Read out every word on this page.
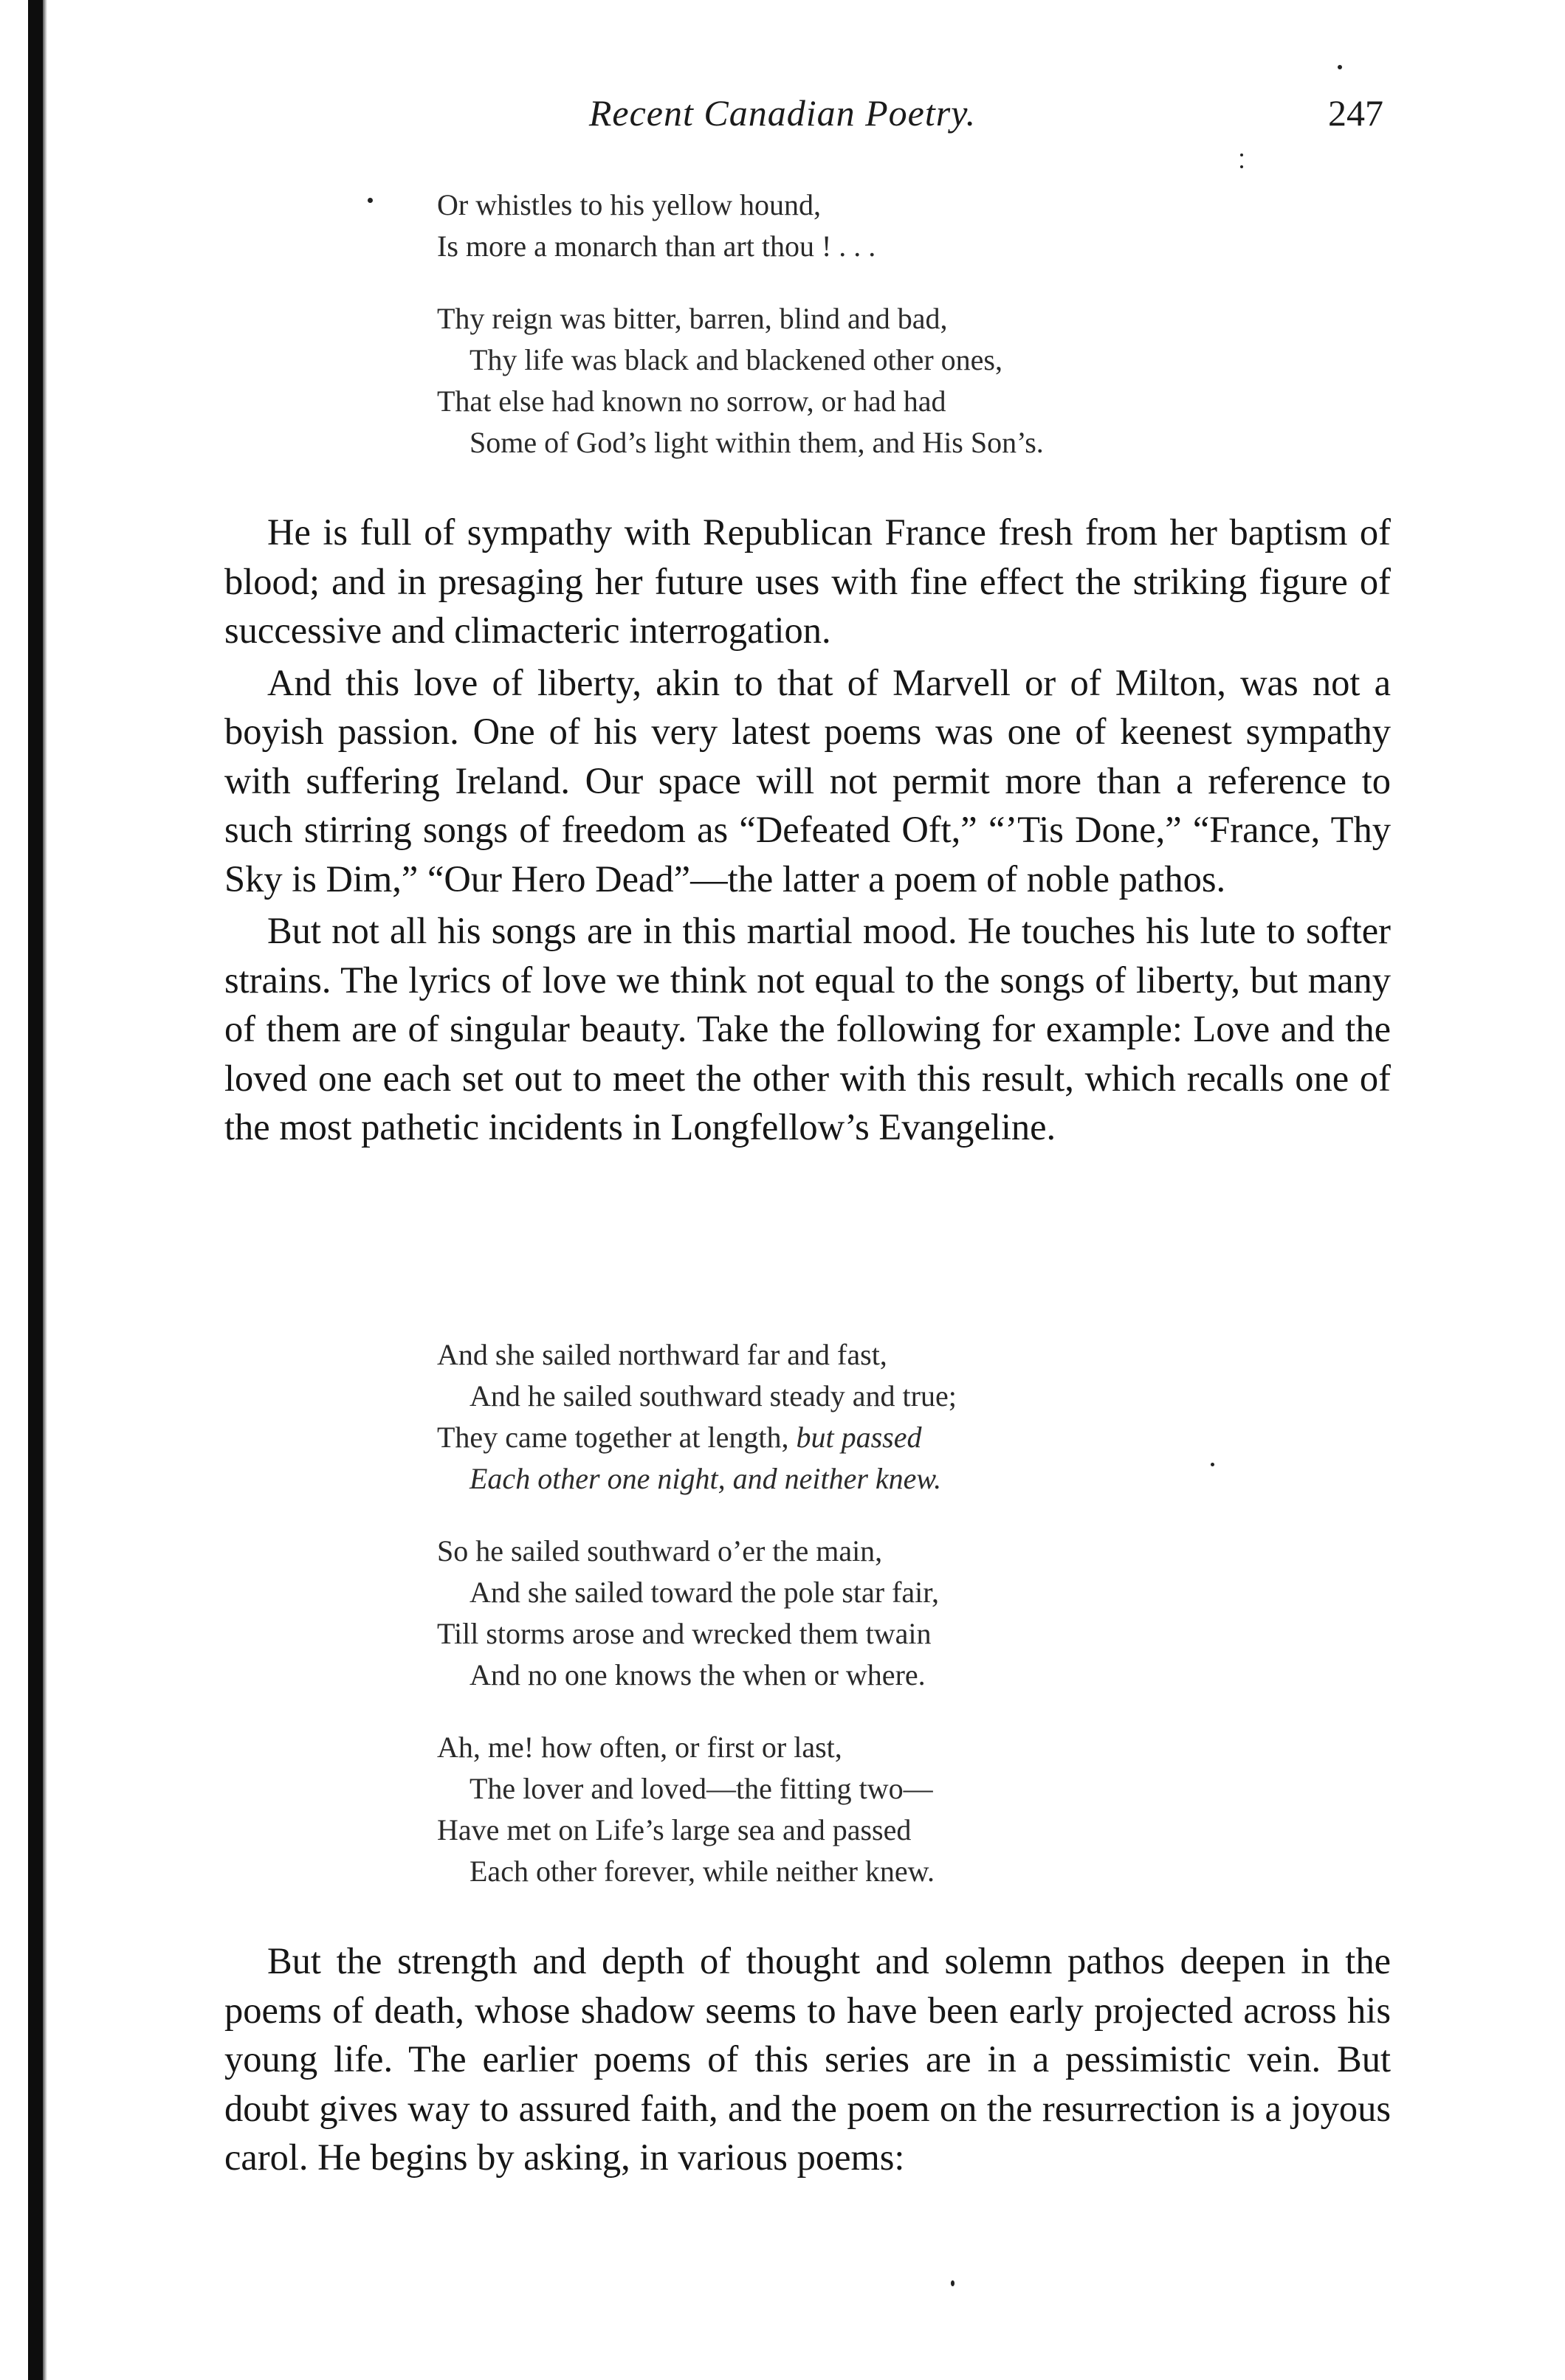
Recent Canadian Poetry.	247
Or whistles to his yellow hound,
Is more a monarch than art thou ! . . .
Thy reign was bitter, barren, blind and bad,
Thy life was black and blackened other ones,
That else had known no sorrow, or had had
Some of God’s light within them, and His Son’s.

He is full of sympathy with Republican France fresh from her baptism of blood; and in presaging her future uses with fine effect the striking figure of successive and climacteric interrogation.

And this love of liberty, akin to that of Marvell or of Milton, was not a boyish passion. One of his very latest poems was one of keenest sympathy with suffering Ireland. Our space will not permit more than a reference to such stirring songs of freedom as “Defeated Oft,” “’Tis Done,” “France, Thy Sky is Dim,” “Our Hero Dead”—the latter a poem of noble pathos.

But not all his songs are in this martial mood. He touches his lute to softer strains. The lyrics of love we think not equal to the songs of liberty, but many of them are of singular beauty. Take the following for example: Love and the loved one each set out to meet the other with this result, which recalls one of the most pathetic incidents in Longfellow’s Evangeline.

And she sailed northward far and fast,
And he sailed southward steady and true;
They came together at length, but passed
Each other one night, and neither knew.
So he sailed southward o’er the main,
And she sailed toward the pole star fair,
Till storms arose and wrecked them twain
And no one knows the when or where.
Ah, me! how often, or first or last,
The lover and loved—the fitting two—
Have met on Life’s large sea and passed
Each other forever, while neither knew.

But the strength and depth of thought and solemn pathos deepen in the poems of death, whose shadow seems to have been early projected across his young life. The earlier poems of this series are in a pessimistic vein. But doubt gives way to assured faith, and the poem on the resurrection is a joyous carol. He begins by asking, in various poems:
